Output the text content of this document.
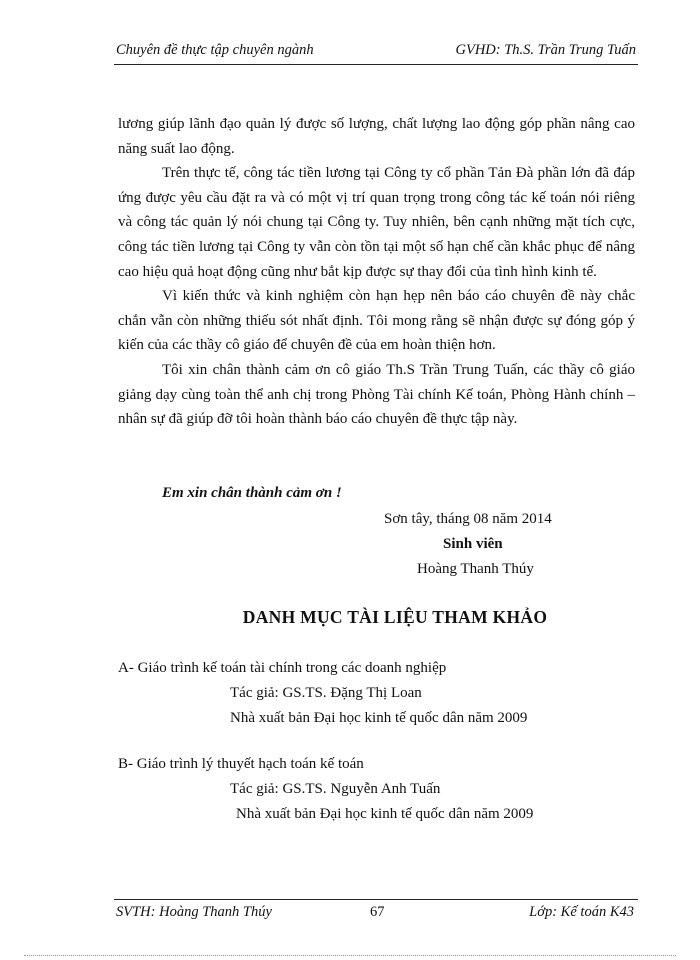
Chuyên đề thực tập chuyên ngành	GVHD: Th.S. Trần Trung Tuấn

lương giúp lãnh đạo quản lý được số lượng, chất lượng lao động góp phần nâng cao năng suất lao động.

Trên thực tế, công tác tiền lương tại Công ty cổ phần Tản Đà phần lớn đã đáp ứng được yêu cầu đặt ra và có một vị trí quan trọng trong công tác kế toán nói riêng và công tác quản lý nói chung tại Công ty. Tuy nhiên, bên cạnh những mặt tích cực, công tác tiền lương tại Công ty vẫn còn tồn tại một số hạn chế cần khắc phục để nâng cao hiệu quả hoạt động cũng như bắt kịp được sự thay đổi của tình hình kinh tế.

Vì kiến thức và kinh nghiệm còn hạn hẹp nên báo cáo chuyên đề này chắc chắn vẫn còn những thiếu sót nhất định. Tôi mong rằng sẽ nhận được sự đóng góp ý kiến của các thầy cô giáo để chuyên đề của em hoàn thiện hơn.

Tôi xin chân thành cảm ơn cô giáo Th.S Trần Trung Tuấn, các thầy cô giáo giảng dạy cùng toàn thể anh chị trong Phòng Tài chính Kế toán, Phòng Hành chính – nhân sự đã giúp đỡ tôi hoàn thành báo cáo chuyên đề thực tập này.

Em xin chân thành cảm ơn !
Sơn tây, tháng 08 năm 2014
Sinh viên
Hoàng Thanh Thúy
DANH MỤC TÀI LIỆU THAM KHẢO
A- Giáo trình kế toán tài chính trong các doanh nghiệp
Tác giả: GS.TS. Đặng Thị Loan
Nhà xuất bản Đại học kinh tế quốc dân năm 2009
B- Giáo trình lý thuyết hạch toán kế toán
Tác giả: GS.TS. Nguyễn Anh Tuấn
Nhà xuất bản Đại học kinh tế quốc dân năm 2009
SVTH: Hoàng Thanh Thúy	67	Lớp: Kế toán K43
